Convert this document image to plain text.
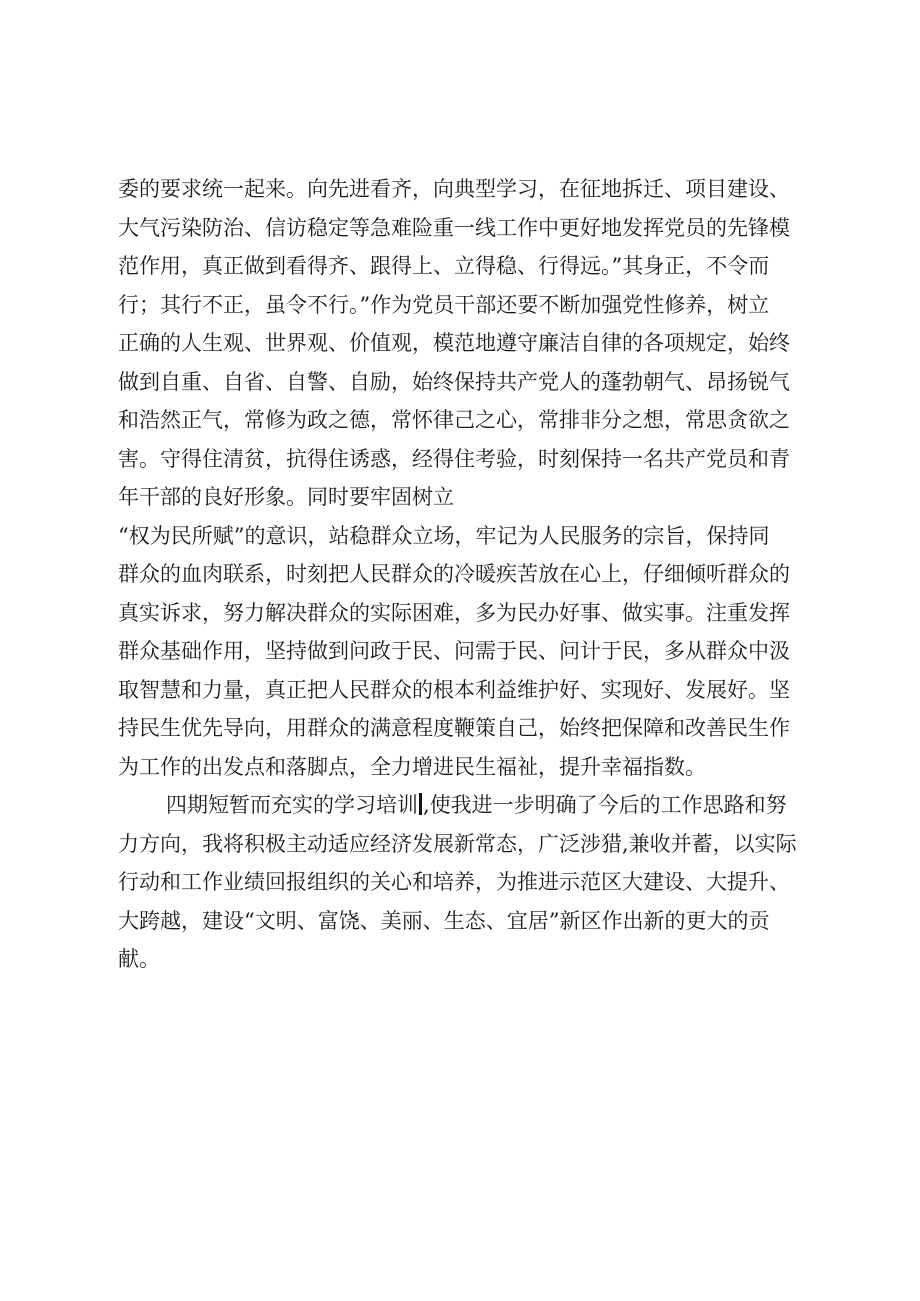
委的要求统一起来。向先进看齐，向典型学习，在征地拆迁、项目建设、
大气污染防治、信访稳定等急难险重一线工作中更好地发挥党员的先锋模
范作用，真正做到看得齐、跟得上、立得稳、行得远。”其身正，不令而
行；其行不正，虽令不行。”作为党员干部还要不断加强党性修养，树立
正确的人生观、世界观、价值观，模范地遵守廉洁自律的各项规定，始终
做到自重、自省、自警、自励，始终保持共产党人的蓬勃朝气、昂扬锐气
和浩然正气，常修为政之德，常怀律己之心，常排非分之想，常思贪欲之
害。守得住清贫，抗得住诱惑，经得住考验，时刻保持一名共产党员和青
年干部的良好形象。同时要牢固树立
“权为民所赋”的意识，站稳群众立场，牢记为人民服务的宗旨，保持同
群众的血肉联系，时刻把人民群众的冷暖疾苦放在心上，仔细倾听群众的
真实诉求，努力解决群众的实际困难，多为民办好事、做实事。注重发挥
群众基础作用，坚持做到问政于民、问需于民、问计于民，多从群众中汲
取智慧和力量，真正把人民群众的根本利益维护好、实现好、发展好。坚
持民生优先导向，用群众的满意程度鞭策自己，始终把保障和改善民生作
为工作的出发点和落脚点，全力增进民生福祉，提升幸福指数。
四期短暂而充实的学习培训 ,使我进一步明确了今后的工作思路和努
力方向，我将积极主动适应经济发展新常态，广泛涉猎,兼收并蓄，以实际
行动和工作业绩回报组织的关心和培养，为推进示范区大建设、大提升、
大跨越，建设“文明、富饶、美丽、生态、宜居”新区作出新的更大的贡
献。
